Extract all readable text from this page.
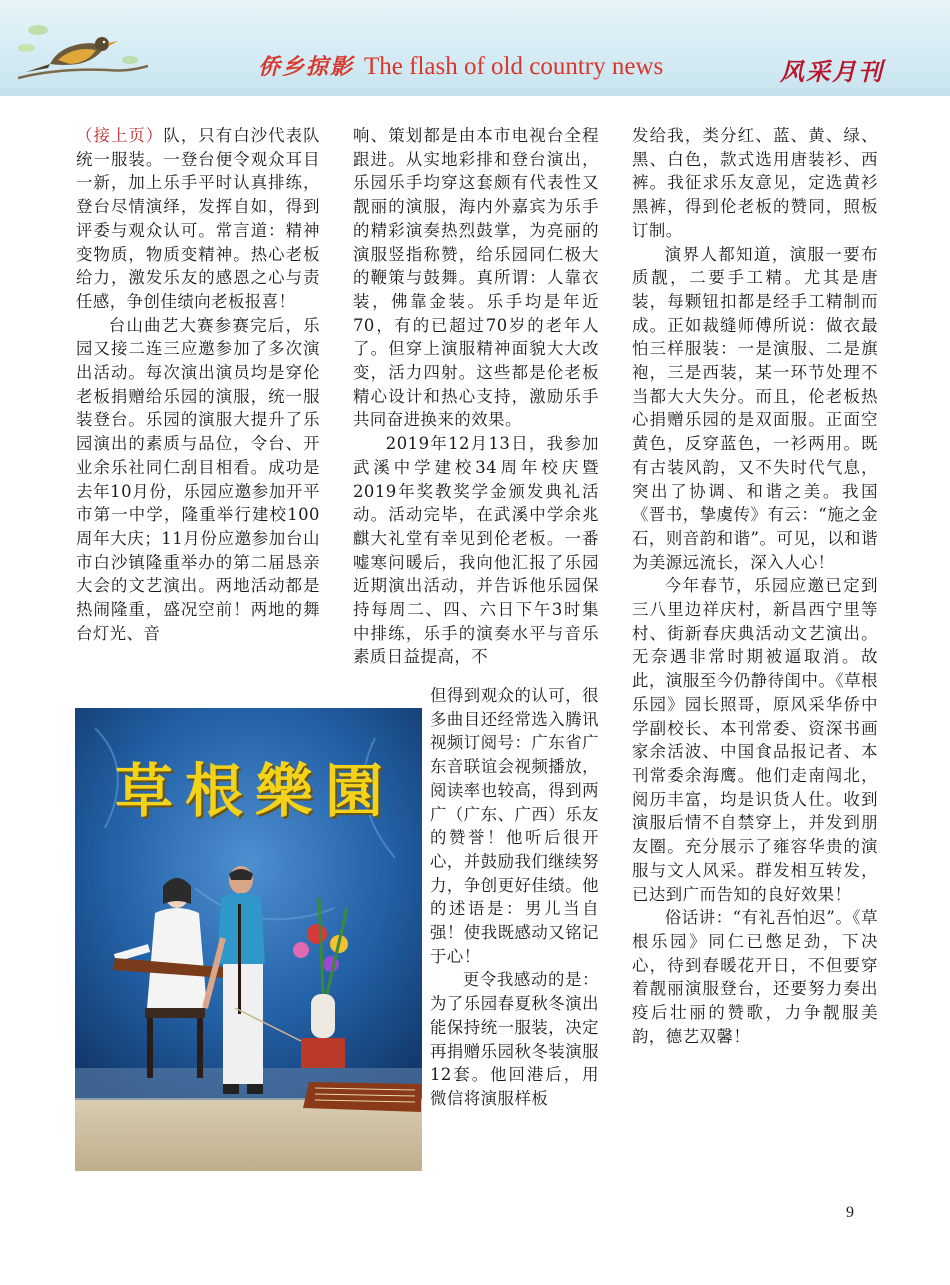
侨乡掠影 The flash of old country news	风采月刊

（接上页）队，只有白沙代表队统一服装。一登台便令观众耳目一新，加上乐手平时认真排练，登台尽情演绎，发挥自如，得到评委与观众认可。常言道：精神变物质，物质变精神。热心老板给力，激发乐友的感恩之心与责任感，争创佳绩向老板报喜！

台山曲艺大赛参赛完后，乐园又接二连三应邀参加了多次演出活动。每次演出演员均是穿伦老板捐赠给乐园的演服，统一服装登台。乐园的演服大提升了乐园演出的素质与品位，令台、开业余乐社同仁刮目相看。成功是去年10月份，乐园应邀参加开平市第一中学，隆重举行建校100周年大庆；11月份应邀参加台山市白沙镇隆重举办的第二届恳亲大会的文艺演出。两地活动都是热闹隆重，盛况空前！两地的舞台灯光、音

响、策划都是由本市电视台全程跟进。从实地彩排和登台演出，乐园乐手均穿这套颇有代表性又靓丽的演服，海内外嘉宾为乐手的精彩演奏热烈鼓掌，为亮丽的演服竖指称赞，给乐园同仁极大的鞭策与鼓舞。真所谓：人靠衣装，佛靠金装。乐手均是年近70，有的已超过70岁的老年人了。但穿上演服精神面貌大大改变，活力四射。这些都是伦老板精心设计和热心支持，激励乐手共同奋进换来的效果。

2019年12月13日，我参加武溪中学建校34周年校庆暨2019年奖教奖学金颁发典礼活动。活动完毕，在武溪中学余兆麒大礼堂有幸见到伦老板。一番嘘寒问暖后，我向他汇报了乐园近期演出活动，并告诉他乐园保持每周二、四、六日下午3时集中排练，乐手的演奏水平与音乐素质日益提高，不

但得到观众的认可，很多曲目还经常选入腾讯视频订阅号：广东省广东音联谊会视频播放，阅读率也较高，得到两广（广东、广西）乐友的赞誉！他听后很开心，并鼓励我们继续努力，争创更好佳绩。他的述语是：男儿当自强！使我既感动又铭记于心！

更令我感动的是：为了乐园春夏秋冬演出能保持统一服装，决定再捐赠乐园秋冬装演服12套。他回港后，用微信将演服样板

发给我，类分红、蓝、黄、绿、黑、白色，款式选用唐装衫、西裤。我征求乐友意见，定选黄衫黑裤，得到伦老板的赞同，照板订制。

演界人都知道，演服一要布质靓，二要手工精。尤其是唐装，每颗钮扣都是经手工精制而成。正如裁缝师傅所说：做衣最怕三样服装：一是演服、二是旗袍，三是西装，某一环节处理不当都大大失分。而且，伦老板热心捐赠乐园的是双面服。正面空黄色，反穿蓝色，一衫两用。既有古装风韵，又不失时代气息，突出了协调、和谐之美。我国《晋书，挚虞传》有云：“施之金石，则音韵和谐”。可见，以和谐为美源远流长，深入人心！

今年春节，乐园应邀已定到三八里边祥庆村，新昌西宁里等村、街新春庆典活动文艺演出。无奈遇非常时期被逼取消。故此，演服至今仍静待闺中。《草根乐园》园长照哥，原风采华侨中学副校长、本刊常委、资深书画家余活波、中国食品报记者、本刊常委余海鹰。他们走南闯北，阅历丰富，均是识货人仕。收到演服后情不自禁穿上，并发到朋友圈。充分展示了雍容华贵的演服与文人风采。群发相互转发，已达到广而告知的良好效果！

俗话讲：“有礼吾怕迟”。《草根乐园》同仁已憋足劲，下决心，待到春暖花开日，不但要穿着靓丽演服登台，还要努力奏出疫后壮丽的赞歌，力争靓服美韵，德艺双馨！

草根樂園
9
